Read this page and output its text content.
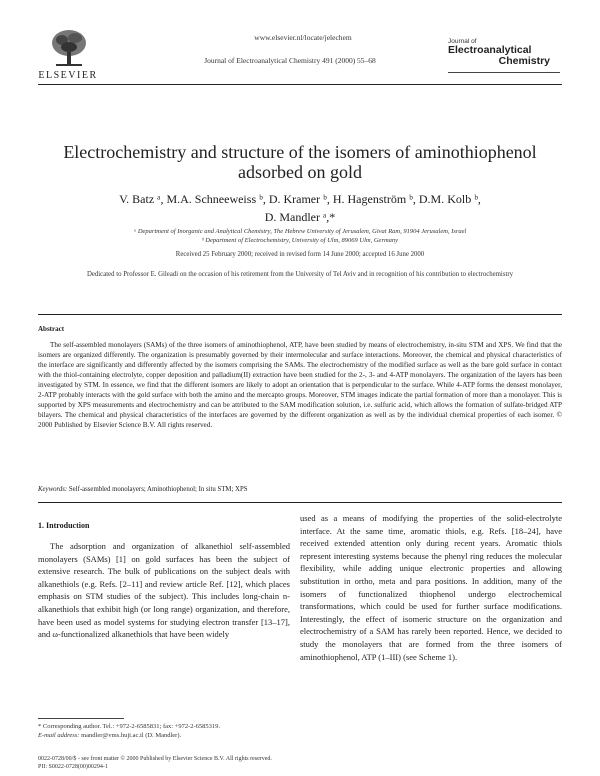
ELSEVIER
www.elsevier.nl/locate/jelechem
Journal of Electroanalytical Chemistry 491 (2000) 55–68
Journal of
Electroanalytical
Chemistry
Electrochemistry and structure of the isomers of aminothiophenol adsorbed on gold
V. Batz ᵃ, M.A. Schneeweiss ᵇ, D. Kramer ᵇ, H. Hagenström ᵇ, D.M. Kolb ᵇ,
D. Mandler ᵃ,*
ᵃ Department of Inorganic and Analytical Chemistry, The Hebrew University of Jerusalem, Givat Ram, 91904 Jerusalem, Israel
ᵇ Department of Electrochemistry, University of Ulm, 89069 Ulm, Germany
Received 25 February 2000; received in revised form 14 June 2000; accepted 16 June 2000
Dedicated to Professor E. Gileadi on the occasion of his retirement from the University of Tel Aviv and in recognition of his contribution to electrochemistry
Abstract
The self-assembled monolayers (SAMs) of the three isomers of aminothiophenol, ATP, have been studied by means of electrochemistry, in-situ STM and XPS. We find that the isomers are organized differently. The organization is presumably governed by their intermolecular and surface interactions. Moreover, the chemical and physical characteristics of the interface are significantly and differently affected by the isomers comprising the SAMs. The electrochemistry of the modified surface as well as the bare gold surface in contact with the thiol-containing electrolyte, copper deposition and palladium(II) extraction have been studied for the 2-, 3- and 4-ATP monolayers. The organization of the layers has been investigated by STM. In essence, we find that the different isomers are likely to adopt an orientation that is perpendicular to the surface. While 4-ATP forms the densest monolayer, 2-ATP probably interacts with the gold surface with both the amino and the mercapto groups. Moreover, STM images indicate the partial formation of more than a monolayer. This is supported by XPS measurements and electrochemistry and can be attributed to the SAM modification solution, i.e. sulfuric acid, which allows the formation of sulfate-bridged ATP bilayers. The chemical and physical characteristics of the interfaces are governed by the different organization as well as by the individual chemical properties of each isomer. © 2000 Published by Elsevier Science B.V. All rights reserved.
Keywords: Self-assembled monolayers; Aminothiophenol; In situ STM; XPS
1. Introduction
The adsorption and organization of alkanethiol self-assembled monolayers (SAMs) [1] on gold surfaces has been the subject of extensive research. The bulk of publications on the subject deals with alkanethiols (e.g. Refs. [2–11] and review article Ref. [12], which places emphasis on STM studies of the subject). This includes long-chain n-alkanethiols that exhibit high (or long range) organization, and therefore, have been used as model systems for studying electron transfer [13–17], and ω-functionalized alkanethiols that have been widely
used as a means of modifying the properties of the solid-electrolyte interface. At the same time, aromatic thiols, e.g. Refs. [18–24], have received extended attention only during recent years. Aromatic thiols represent interesting systems because the phenyl ring reduces the molecular flexibility, while adding unique electronic properties and allowing substitution in ortho, meta and para positions. In addition, many of the isomers of functionalized thiophenol undergo electrochemical transformations, which could be used for further surface modifications. Interestingly, the effect of isomeric structure on the organization and electrochemistry of a SAM has rarely been reported. Hence, we decided to study the monolayers that are formed from the three isomers of aminothiophenol, ATP (1–III) (see Scheme 1).
* Corresponding author. Tel.: +972-2-6585831; fax: +972-2-6585319.
E-mail address: mandler@vms.huji.ac.il (D. Mandler).
0022-0728/00/$ - see front matter © 2000 Published by Elsevier Science B.V. All rights reserved.
PII: S0022-0728(00)00294-1
